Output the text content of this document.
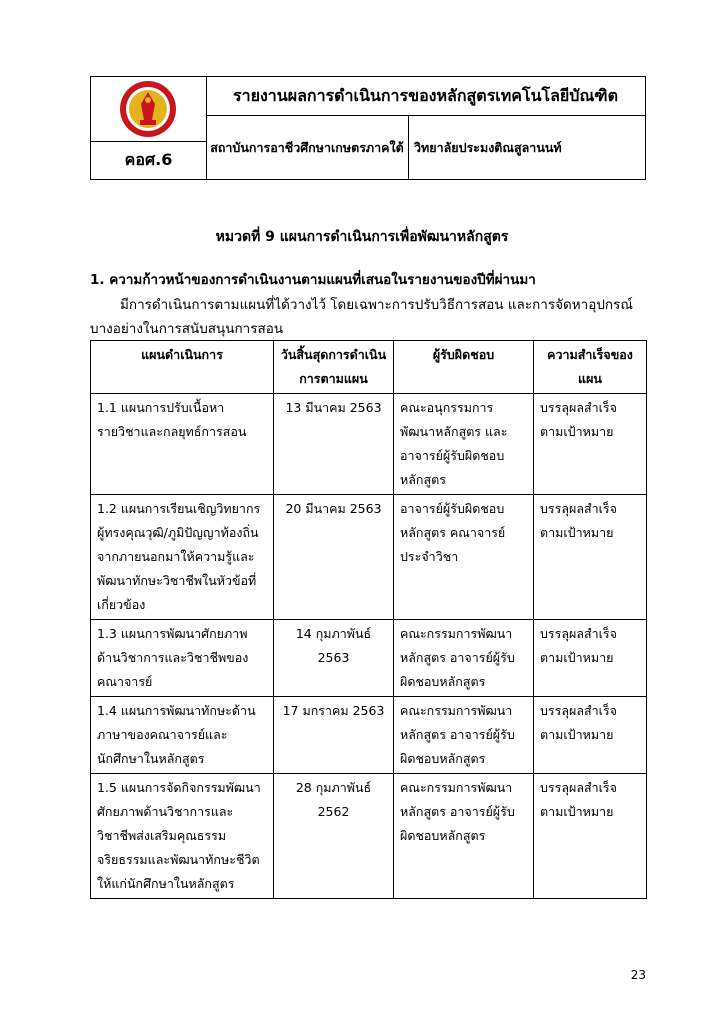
คอศ.6
รายงานผลการดำเนินการของหลักสูตรเทคโนโลยีบัณฑิต
สถาบันการอาชีวศึกษาเกษตรภาคใต้ วิทยาลัยประมงติณสูลานนท์
หมวดที่ 9 แผนการดำเนินการเพื่อพัฒนาหลักสูตร
1. ความก้าวหน้าของการดำเนินงานตามแผนที่เสนอในรายงานของปีที่ผ่านมา
มีการดำเนินการตามแผนที่ได้วางไว้ โดยเฉพาะการปรับวิธีการสอน และการจัดหาอุปกรณ์บางอย่างในการสนับสนุนการสอน
แผนดำเนินการ	วันสิ้นสุดการดำเนินการตามแผน	ผู้รับผิดชอบ	ความสำเร็จของแผน
1.1 แผนการปรับเนื้อหารายวิชาและกลยุทธ์การสอน	13 มีนาคม 2563	คณะอนุกรรมการพัฒนาหลักสูตร และอาจารย์ผู้รับผิดชอบหลักสูตร	บรรลุผลสำเร็จตามเป้าหมาย
1.2 แผนการเรียนเชิญวิทยากรผู้ทรงคุณวุฒิ/ภูมิปัญญาท้องถิ่นจากภายนอกมาให้ความรู้และพัฒนาทักษะวิชาชีพในหัวข้อที่เกี่ยวข้อง	20 มีนาคม 2563	อาจารย์ผู้รับผิดชอบหลักสูตร คณาจารย์ประจำวิชา	บรรลุผลสำเร็จตามเป้าหมาย
1.3 แผนการพัฒนาศักยภาพด้านวิชาการและวิชาชีพของคณาจารย์	14 กุมภาพันธ์ 2563	คณะกรรมการพัฒนาหลักสูตร อาจารย์ผู้รับผิดชอบหลักสูตร	บรรลุผลสำเร็จตามเป้าหมาย
1.4 แผนการพัฒนาทักษะด้านภาษาของคณาจารย์และนักศึกษาในหลักสูตร	17 มกราคม 2563	คณะกรรมการพัฒนาหลักสูตร อาจารย์ผู้รับผิดชอบหลักสูตร	บรรลุผลสำเร็จตามเป้าหมาย
1.5 แผนการจัดกิจกรรมพัฒนาศักยภาพด้านวิชาการและวิชาชีพส่งเสริมคุณธรรม จริยธรรมและพัฒนาทักษะชีวิตให้แก่นักศึกษาในหลักสูตร	28 กุมภาพันธ์ 2562	คณะกรรมการพัฒนาหลักสูตร อาจารย์ผู้รับผิดชอบหลักสูตร	บรรลุผลสำเร็จตามเป้าหมาย
23
